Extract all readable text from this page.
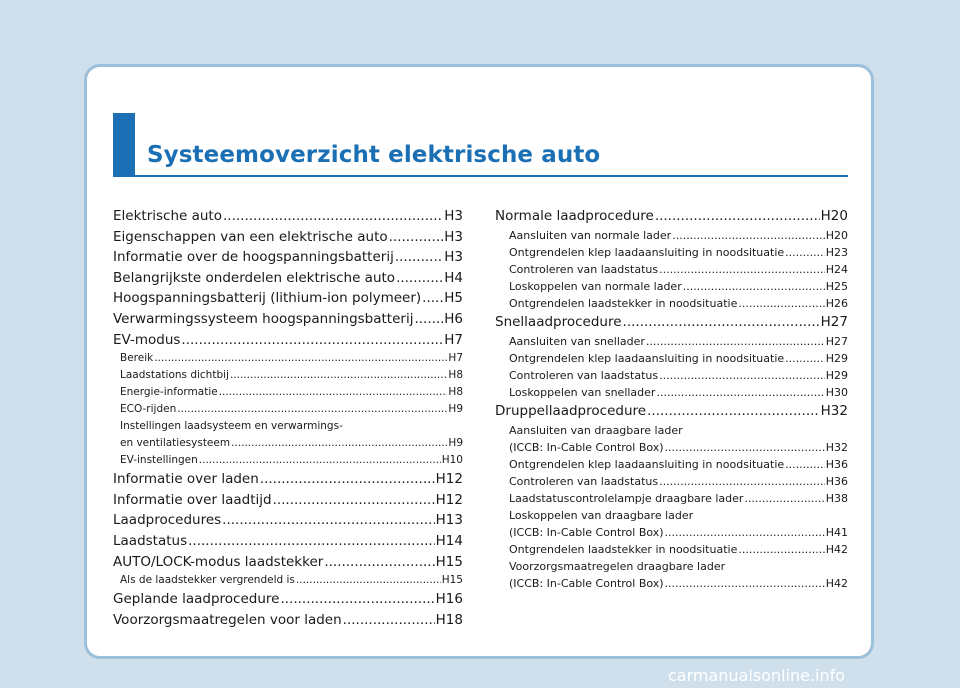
Systeemoverzicht elektrische auto
Elektrische auto .....	H3
Eigenschappen van een elektrische auto .....	H3
Informatie over de hoogspanningsbatterij .....	H3
Belangrijkste onderdelen elektrische auto .....	H4
Hoogspanningsbatterij (lithium-ion polymeer) ..... H5
Verwarmingssysteem hoogspanningsbatterij ..... H6
EV-modus .....	H7
Bereik .....	H7
Laadstations dichtbij .....	H8
Energie-informatie .....	H8
ECO-rijden .....	H9
Instellingen laadsysteem en verwarmings-
en ventilatiesysteem .....	H9
EV-instellingen .....	H10
Informatie over laden .....	H12
Informatie over laadtijd .....	H12
Laadprocedures .....	H13
Laadstatus .....	H14
AUTO/LOCK-modus laadstekker .....	H15
Als de laadstekker vergrendeld is .....	H15
Geplande laadprocedure .....	H16
Voorzorgsmaatregelen voor laden .....	H18
Normale laadprocedure .....	H20
Aansluiten van normale lader .....	H20
Ontgrendelen klep laadaansluiting in noodsituatie .....	H23
Controleren van laadstatus .....	H24
Loskoppelen van normale lader .....	H25
Ontgrendelen laadstekker in noodsituatie .....	H26
Snellaadprocedure .....	H27
Aansluiten van snellader .....	H27
Ontgrendelen klep laadaansluiting in noodsituatie .....	H29
Controleren van laadstatus .....	H29
Loskoppelen van snellader .....	H30
Druppellaadprocedure .....	H32
Aansluiten van draagbare lader
(ICCB: In-Cable Control Box) .....	H32
Ontgrendelen klep laadaansluiting in noodsituatie .....	H36
Controleren van laadstatus .....	H36
Laadstatuscontrolelampje draagbare lader .....	H38
Loskoppelen van draagbare lader
(ICCB: In-Cable Control Box) .....	H41
Ontgrendelen laadstekker in noodsituatie .....	H42
Voorzorgsmaatregelen draagbare lader
(ICCB: In-Cable Control Box) .....	H42
carmanualsonline.info
